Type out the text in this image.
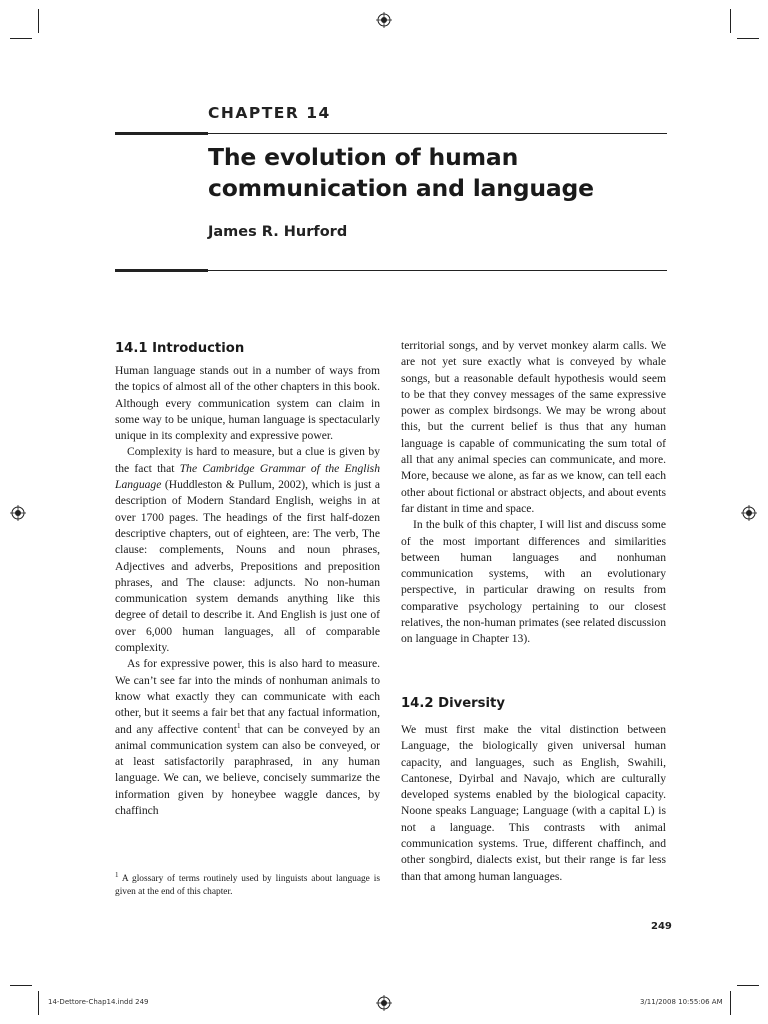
CHAPTER 14
The evolution of human
communication and language
James R. Hurford
14.1 Introduction

Human language stands out in a number of ways from the topics of almost all of the other chapters in this book. Although every communication system can claim in some way to be unique, human language is spectacularly unique in its complexity and expressive power.

Complexity is hard to measure, but a clue is given by the fact that The Cambridge Grammar of the English Language (Huddleston & Pullum, 2002), which is just a description of Modern Standard English, weighs in at over 1700 pages. The headings of the first half-dozen descriptive chapters, out of eighteen, are: The verb, The clause: complements, Nouns and noun phrases, Adjectives and adverbs, Prepositions and preposition phrases, and The clause: adjuncts. No non-human communication system demands anything like this degree of detail to describe it. And English is just one of over 6,000 human languages, all of comparable complexity.

As for expressive power, this is also hard to measure. We can’t see far into the minds of nonhuman animals to know what exactly they can communicate with each other, but it seems a fair bet that any factual information, and any affective content$^1$ that can be conveyed by an animal communication system can also be conveyed, or at least satisfactorily paraphrased, in any human language. We can, we believe, concisely summarize the information given by honeybee waggle dances, by chaffinch

$^1$ A glossary of terms routinely used by linguists about language is given at the end of this chapter.

territorial songs, and by vervet monkey alarm calls. We are not yet sure exactly what is conveyed by whale songs, but a reasonable default hypothesis would seem to be that they convey messages of the same expressive power as complex birdsongs. We may be wrong about this, but the current belief is thus that any human language is capable of communicating the sum total of all that any animal species can communicate, and more. More, because we alone, as far as we know, can tell each other about fictional or abstract objects, and about events far distant in time and space.

In the bulk of this chapter, I will list and discuss some of the most important differences and similarities between human languages and nonhuman communication systems, with an evolutionary perspective, in particular drawing on results from comparative psychology pertaining to our closest relatives, the non-human primates (see related discussion on language in Chapter 13).

14.2 Diversity

We must first make the vital distinction between Language, the biologically given universal human capacity, and languages, such as English, Swahili, Cantonese, Dyirbal and Navajo, which are culturally developed systems enabled by the biological capacity. Noone speaks Language; Language (with a capital L) is not a language. This contrasts with animal communication systems. True, different chaffinch, and other songbird, dialects exist, but their range is far less than that among human languages.

249
14-Dettore-Chap14.indd 249	3/11/2008 10:55:06 AM
